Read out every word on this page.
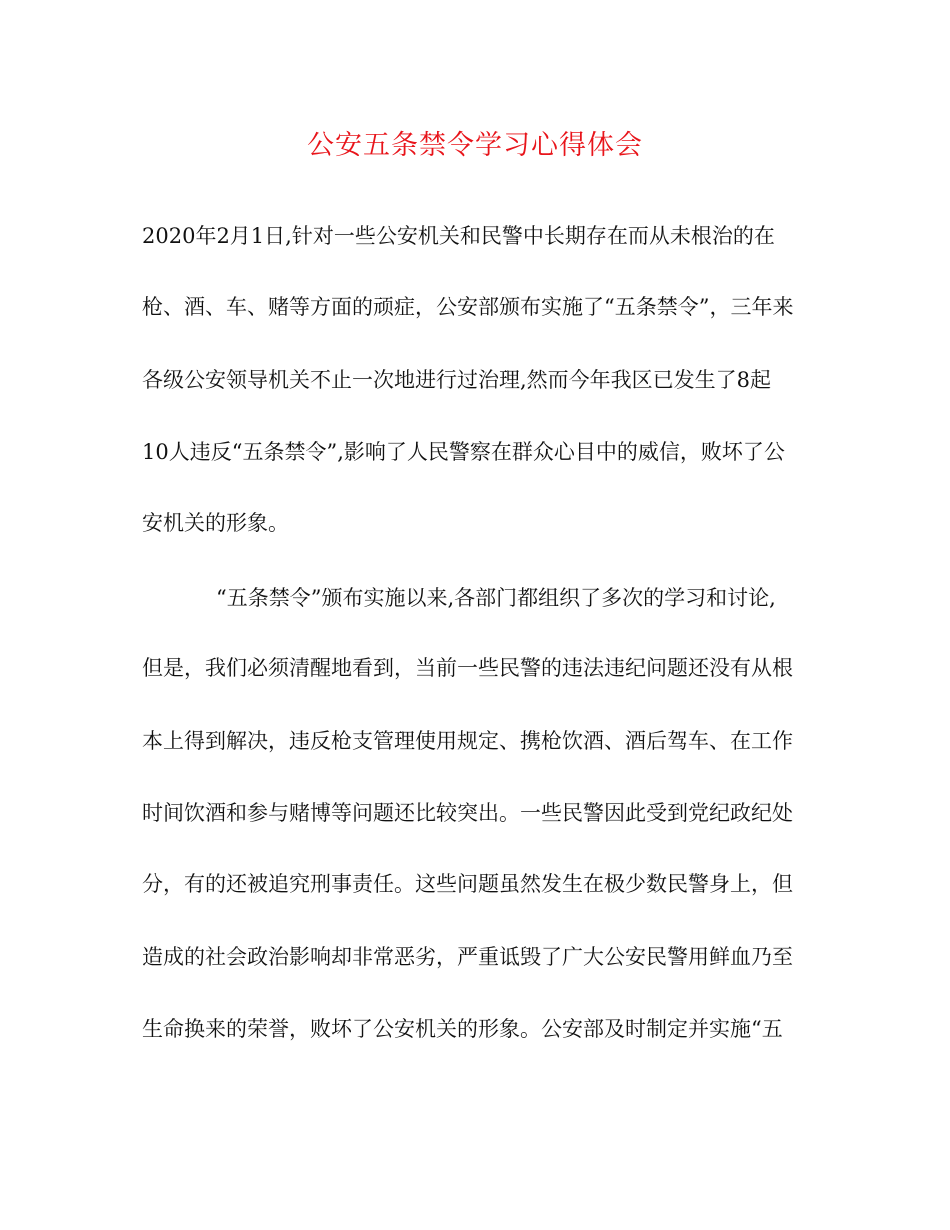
公安五条禁令学习心得体会

2020年2月1日,针对一些公安机关和民警中长期存在而从未根治的在

枪、酒、车、赌等方面的顽症，公安部颁布实施了“五条禁令”，三年来

各级公安领导机关不止一次地进行过治理,然而今年我区已发生了8起

10人违反“五条禁令”,影响了人民警察在群众心目中的威信，败坏了公

安机关的形象。

“五条禁令”颁布实施以来,各部门都组织了多次的学习和讨论,

但是，我们必须清醒地看到，当前一些民警的违法违纪问题还没有从根

本上得到解决，违反枪支管理使用规定、携枪饮酒、酒后驾车、在工作

时间饮酒和参与赌博等问题还比较突出。一些民警因此受到党纪政纪处

分，有的还被追究刑事责任。这些问题虽然发生在极少数民警身上，但

造成的社会政治影响却非常恶劣，严重诋毁了广大公安民警用鲜血乃至

生命换来的荣誉，败坏了公安机关的形象。公安部及时制定并实施“五
